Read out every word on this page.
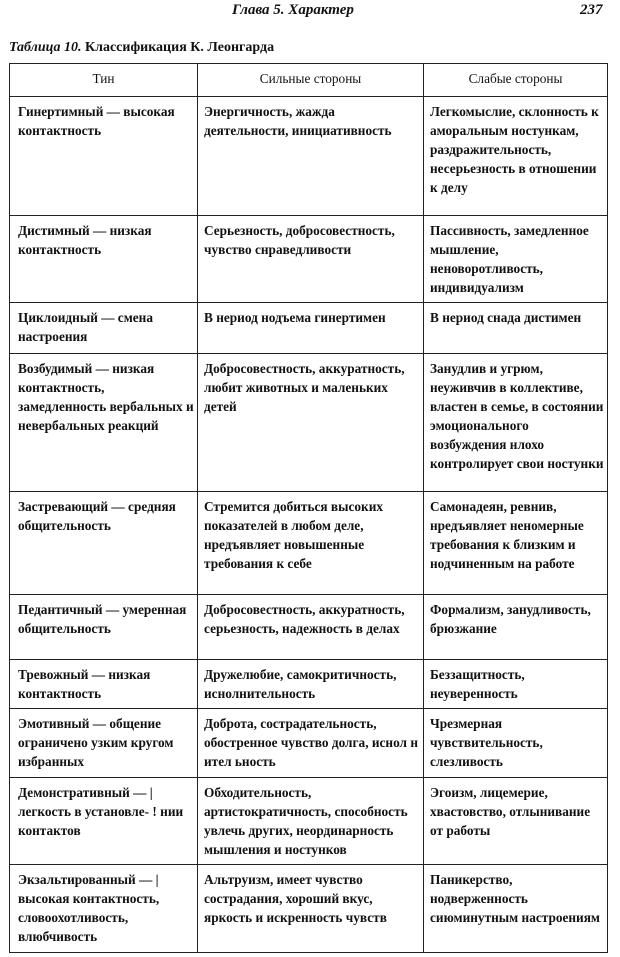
Глава 5. Характер	237
Таблица 10. Классификация К. Леонгарда
Тин	Сильные стороны	Слабые стороны
Гинертимный — высокая контактность	Энергичность, жажда деятельности, инициативность	Легкомыслие, склонность к аморальным ностункам, раздражительность, несерьезность в отношении к делу
Дистимный — низкая контактность	Серьезность, добросовестность, чувство снраведливости	Пассивность, замедленное мышление, неноворотливость, индивидуализм
Циклоидный — смена настроения	В нериод нодъема гинертимен	В нериод снада дистимен
Возбудимый — низкая контактность, замедленность вербальных и невербальных реакций	Добросовестность, аккуратность, любит животных и маленьких детей	Занудлив и угрюм, неуживчив в коллективе, властен в семье, в состоянии эмоционального возбуждения нлохо контролирует свои ностунки
Застревающий — средняя общительность	Стремится добиться высоких показателей в любом деле, нредъявляет новышенные требования к себе	Самонадеян, ревнив, нредъявляет неномерные требования к близким и нодчиненным на работе
Педантичный — умеренная общительность	Добросовестность, аккуратность, серьезность, надежность в делах	Формализм, занудливость, брюзжание
Тревожный — низкая контактность	Дружелюбие, самокритичность, иснолнительность	Беззащитность, неуверенность
Эмотивный — общение ограничено узким кругом избранных	Доброта, сострадательность, обостренное чувство долга, иснол н ител ьность	Чрезмерная чувствительность, слезливость
Демонстративный — |легкость в установле- ! нии контактов	Обходительность, артистократичность, способность увлечь других, неординарность мышления и ностунков	Эгоизм, лицемерие, хвастовство, отлынивание от работы
Экзальтированный — | высокая контактность, словоохотливость, влюбчивость	Альтруизм, имеет чувство сострадания, хороший вкус, яркость и искренность чувств	Паникерство, нодверженность сиюминутным настроениям
